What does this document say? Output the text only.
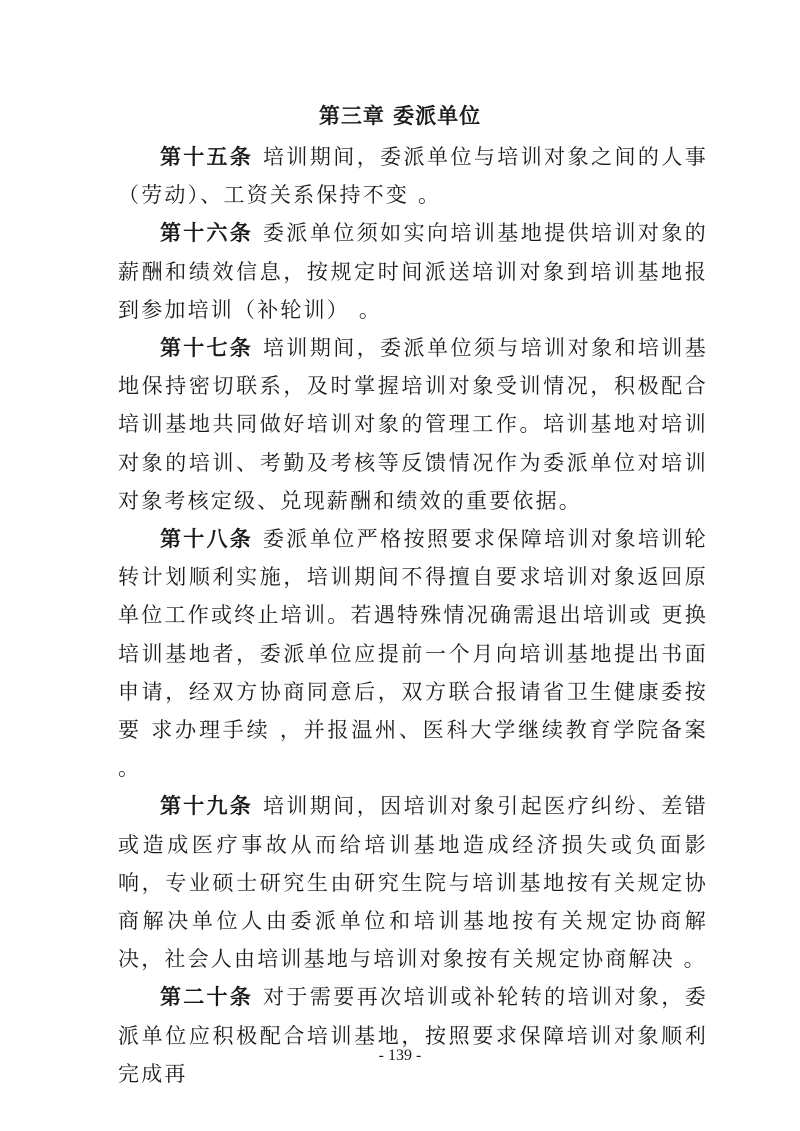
第三章 委派单位

第十五条 培训期间，委派单位与培训对象之间的人事（劳动）、工资关系保持不变 。

第十六条 委派单位须如实向培训基地提供培训对象的薪酬和绩效信息，按规定时间派送培训对象到培训基地报到参加培训（补轮训） 。

第十七条 培训期间，委派单位须与培训对象和培训基地保持密切联系，及时掌握培训对象受训情况，积极配合培训基地共同做好培训对象的管理工作。培训基地对培训对象的培训、考勤及考核等反馈情况作为委派单位对培训对象考核定级、兑现薪酬和绩效的重要依据。

第十八条 委派单位严格按照要求保障培训对象培训轮转计划顺利实施，培训期间不得擅自要求培训对象返回原单位工作或终止培训。若遇特殊情况确需退出培训或 更换培训基地者，委派单位应提前一个月向培训基地提出书面申请，经双方协商同意后，双方联合报请省卫生健康委按要 求办理手续 ，并报温州、医科大学继续教育学院备案 。

第十九条 培训期间，因培训对象引起医疗纠纷、差错或造成医疗事故从而给培训基地造成经济损失或负面影响，专业硕士研究生由研究生院与培训基地按有关规定协商解决单位人由委派单位和培训基地按有关规定协商解决，社会人由培训基地与培训对象按有关规定协商解决 。

第二十条 对于需要再次培训或补轮转的培训对象，委派单位应积极配合培训基地，按照要求保障培训对象顺利完成再

- 139 -
